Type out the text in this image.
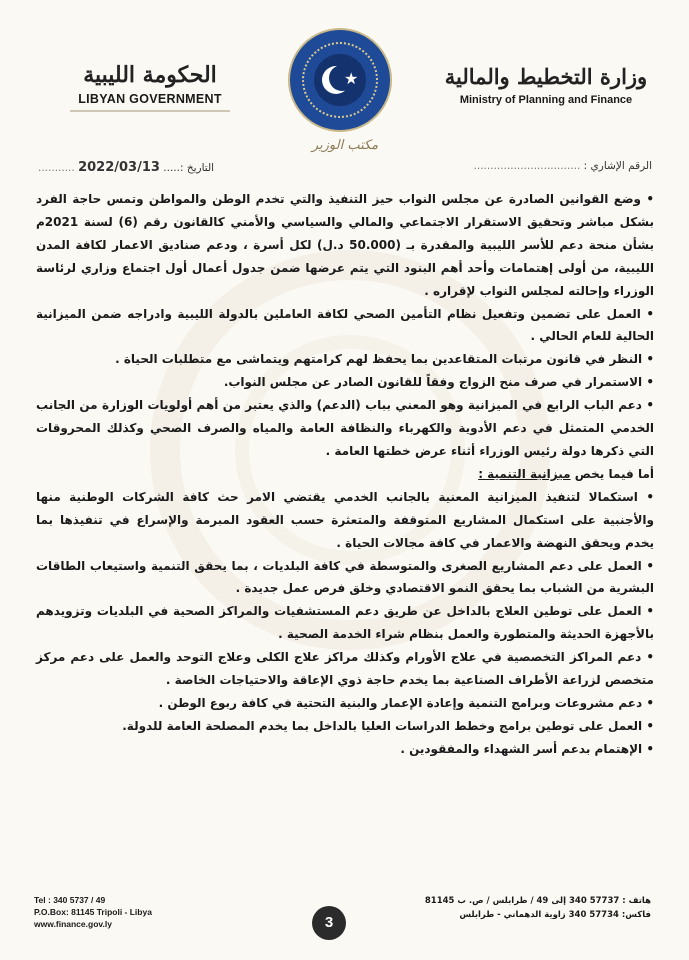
الحكومة الليبية
LIBYAN GOVERNMENT
★
مكتب الوزير
وزارة التخطيط والمالية
Ministry of Planning and Finance
الرقم الإشاري : ................................
التاريخ :..... 2022/03/13 ...........

• وضع القوانين الصادرة عن مجلس النواب حيز التنفيذ والتي تخدم الوطن والمواطن وتمس حاجة الفرد بشكل مباشر وتحقيق الاستقرار الاجتماعي والمالي والسياسي والأمني كالقانون رقم (6) لسنة 2021م بشأن منحة دعم للأسر الليبية والمقدرة بـ (50.000 د.ل) لكل أسرة ، ودعم صناديق الاعمار لكافة المدن الليبية، من أولى إهتمامات وأحد أهم البنود التي يتم عرضها ضمن جدول أعمال أول اجتماع وزاري لرئاسة الوزراء وإحالته لمجلس النواب لإقراره .

• العمل على تضمين وتفعيل نظام التأمين الصحي لكافة العاملين بالدولة الليبية وادراجه ضمن الميزانية الحالية للعام الحالي .

• النظر في قانون مرتبات المتقاعدين بما يحفظ لهم كرامتهم ويتماشى مع متطلبات الحياة .

• الاستمرار في صرف منح الزواج وفقاً للقانون الصادر عن مجلس النواب.

• دعم الباب الرابع في الميزانية وهو المعني بباب (الدعم) والذي يعتبر من أهم أولويات الوزارة من الجانب الخدمي المتمثل في دعم الأدوية والكهرباء والنظافة العامة والمياه والصرف الصحي وكذلك المحروقات التي ذكرها دولة رئيس الوزراء أثناء عرض خطتها العامة .

أما فيما يخص ميزانية التنمية :

• استكمالا لتنفيذ الميزانية المعنية بالجانب الخدمي يقتضي الامر حث كافة الشركات الوطنية منها والأجنبية على استكمال المشاريع المتوقفة والمتعثرة حسب العقود المبرمة والإسراع في تنفيذها بما يخدم ويحقق النهضة والاعمار في كافة مجالات الحياة .

• العمل على دعم المشاريع الصغرى والمتوسطة في كافة البلديات ، بما يحقق التنمية واستيعاب الطاقات البشرية من الشباب بما يحقق النمو الاقتصادي وخلق فرص عمل جديدة .

• العمل على توطين العلاج بالداخل عن طريق دعم المستشفيات والمراكز الصحية في البلديات وتزويدهم بالأجهزة الحديثة والمتطورة والعمل بنظام شراء الخدمة الصحية .

• دعم المراكز التخصصية في علاج الأورام وكذلك مراكز علاج الكلى وعلاج التوحد والعمل على دعم مركز متخصص لزراعة الأطراف الصناعية بما يخدم حاجة ذوي الإعاقة والاحتياجات الخاصة .

• دعم مشروعات وبرامج التنمية وإعادة الإعمار والبنية التحتية في كافة ربوع الوطن .

• العمل على توطين برامج وخطط الدراسات العليا بالداخل بما يخدم المصلحة العامة للدولة.

• الإهتمام بدعم أسر الشهداء والمفقودين .

Tel : 340 5737 / 49
P.O.Box: 81145 Tripoli - Libya
www.finance.gov.ly	3
هاتف : 57737 340 إلى 49 / طرابلس / ص. ب 81145
فاكس: 57734 340 زاوية الدهماني - طرابلس
